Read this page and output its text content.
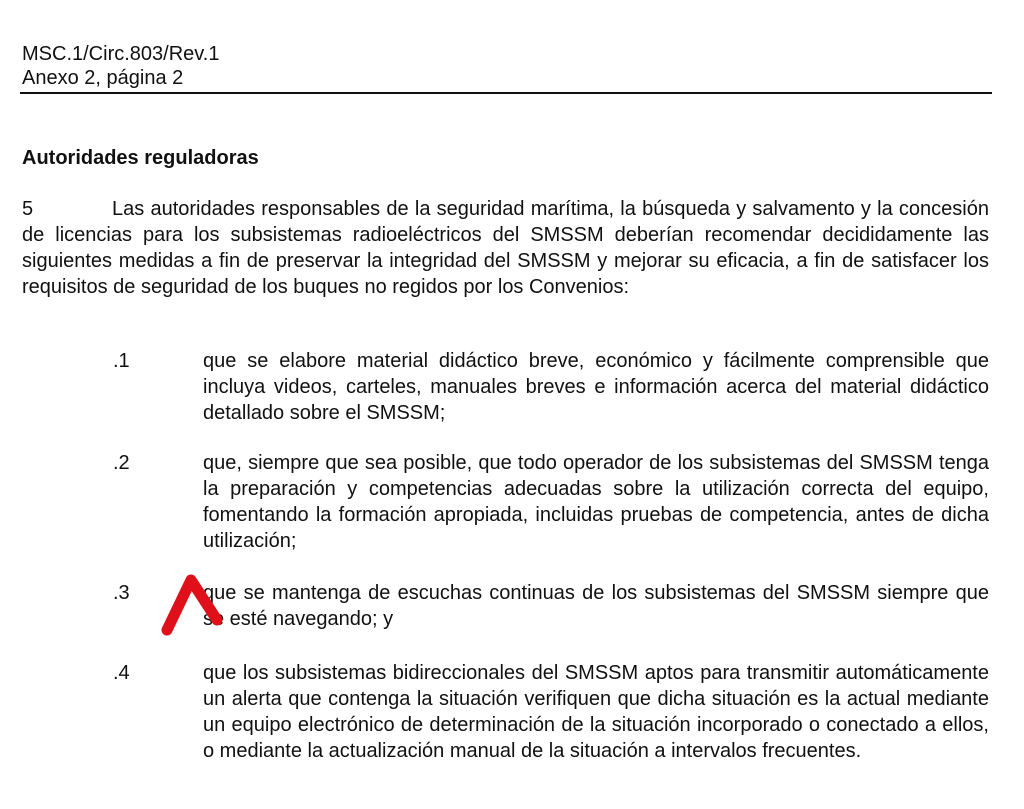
MSC.1/Circ.803/Rev.1
Anexo 2, página 2
Autoridades reguladoras
5	Las autoridades responsables de la seguridad marítima, la búsqueda y salvamento y la concesión de licencias para los subsistemas radioeléctricos del SMSSM deberían recomendar decididamente las siguientes medidas a fin de preservar la integridad del SMSSM y mejorar su eficacia, a fin de satisfacer los requisitos de seguridad de los buques no regidos por los Convenios:
.1	que se elabore material didáctico breve, económico y fácilmente comprensible que incluya videos, carteles, manuales breves e información acerca del material didáctico detallado sobre el SMSSM;
.2	que, siempre que sea posible, que todo operador de los subsistemas del SMSSM tenga la preparación y competencias adecuadas sobre la utilización correcta del equipo, fomentando la formación apropiada, incluidas pruebas de competencia, antes de dicha utilización;
.3	que se mantenga de escuchas continuas de los subsistemas del SMSSM siempre que se esté navegando; y
.4	que los subsistemas bidireccionales del SMSSM aptos para transmitir automáticamente un alerta que contenga la situación verifiquen que dicha situación es la actual mediante un equipo electrónico de determinación de la situación incorporado o conectado a ellos, o mediante la actualización manual de la situación a intervalos frecuentes.
